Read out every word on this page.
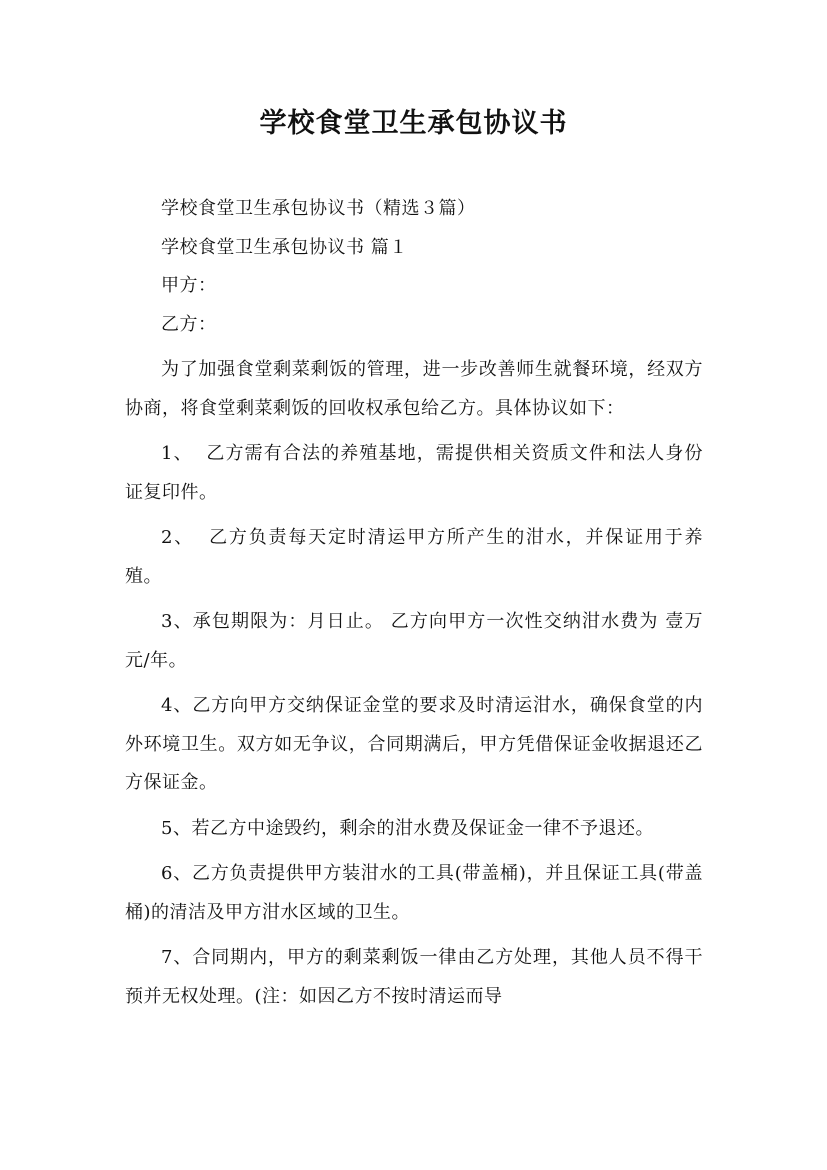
学校食堂卫生承包协议书

学校食堂卫生承包协议书（精选３篇）

学校食堂卫生承包协议书 篇１

甲方：

乙方：

为了加强食堂剩菜剩饭的管理，进一步改善师生就餐环境，经双方协商，将食堂剩菜剩饭的回收权承包给乙方。具体协议如下：

1、  乙方需有合法的养殖基地，需提供相关资质文件和法人身份证复印件。

2、  乙方负责每天定时清运甲方所产生的泔水，并保证用于养殖。

3、承包期限为：月日止。 乙方向甲方一次性交纳泔水费为 壹万 元/年。

4、乙方向甲方交纳保证金堂的要求及时清运泔水，确保食堂的内外环境卫生。双方如无争议，合同期满后，甲方凭借保证金收据退还乙方保证金。

5、若乙方中途毁约，剩余的泔水费及保证金一律不予退还。

6、乙方负责提供甲方装泔水的工具(带盖桶)，并且保证工具(带盖桶)的清洁及甲方泔水区域的卫生。

7、合同期内，甲方的剩菜剩饭一律由乙方处理，其他人员不得干预并无权处理。(注：如因乙方不按时清运而导
